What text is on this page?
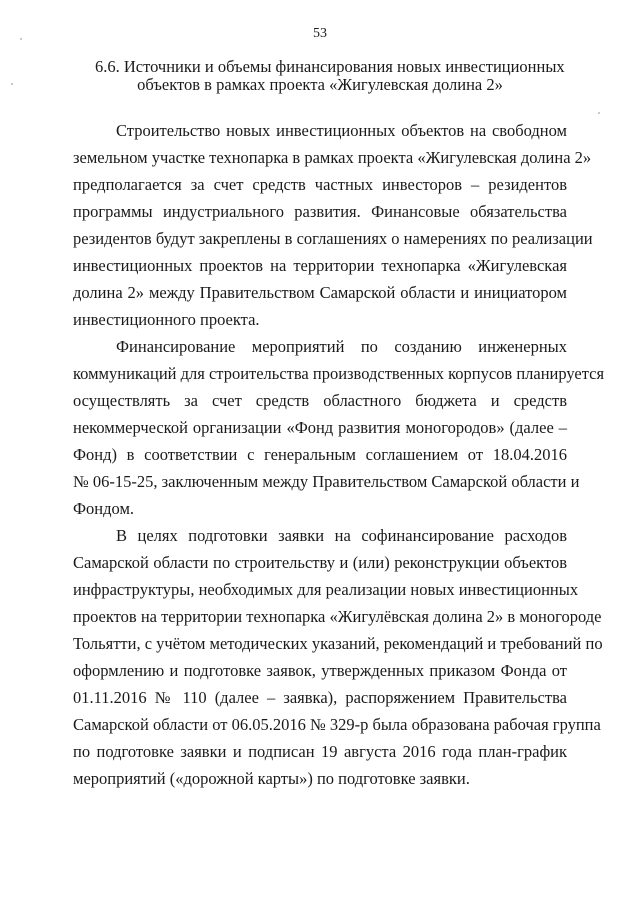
53
6.6. Источники и объемы финансирования новых инвестиционных
объектов в рамках проекта «Жигулевская долина 2»
Строительство новых инвестиционных объектов на свободном
земельном участке технопарка в рамках проекта «Жигулевская долина 2»
предполагается за счет средств частных инвесторов – резидентов
программы индустриального развития. Финансовые обязательства
резидентов будут закреплены в соглашениях о намерениях по реализации
инвестиционных проектов на территории технопарка «Жигулевская
долина 2» между Правительством Самарской области и инициатором
инвестиционного проекта.
Финансирование мероприятий по созданию инженерных
коммуникаций для строительства производственных корпусов планируется
осуществлять за счет средств областного бюджета и средств
некоммерческой организации «Фонд развития моногородов» (далее –
Фонд) в соответствии с генеральным соглашением от 18.04.2016
№ 06-15-25, заключенным между Правительством Самарской области и
Фондом.
В целях подготовки заявки на софинансирование расходов
Самарской области по строительству и (или) реконструкции объектов
инфраструктуры, необходимых для реализации новых инвестиционных
проектов на территории технопарка «Жигулёвская долина 2» в моногороде
Тольятти, с учётом методических указаний, рекомендаций и требований по
оформлению и подготовке заявок, утвержденных приказом Фонда от
01.11.2016 № 110 (далее – заявка), распоряжением Правительства
Самарской области от 06.05.2016 № 329-р была образована рабочая группа
по подготовке заявки и подписан 19 августа 2016 года план-график
мероприятий («дорожной карты») по подготовке заявки.
